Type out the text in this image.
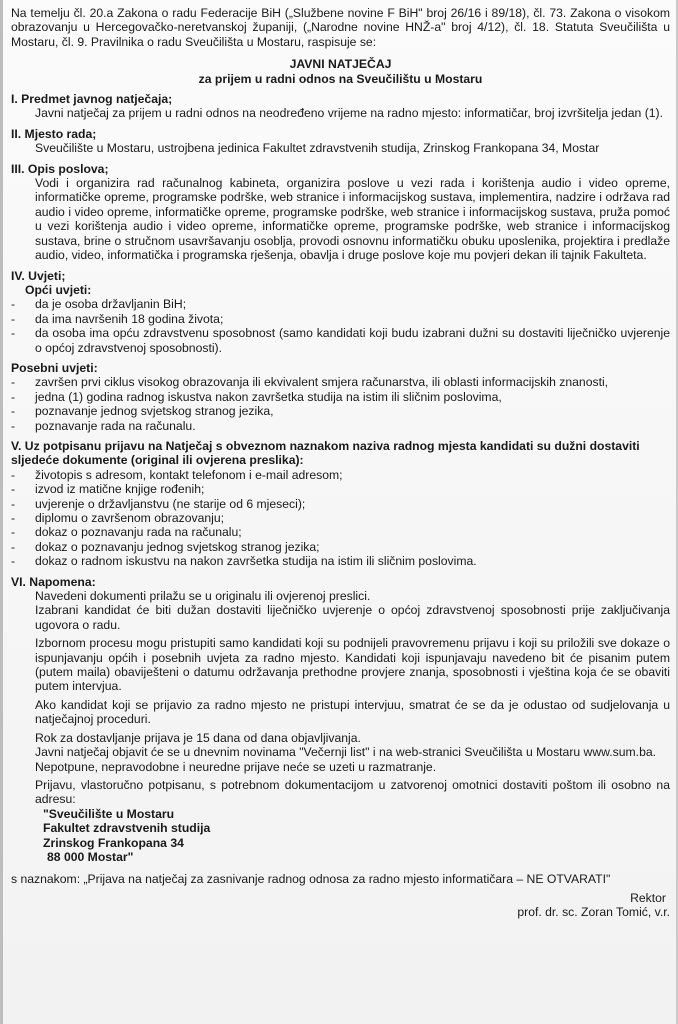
Na temelju čl. 20.a Zakona o radu Federacije BiH („Službene novine F BiH" broj 26/16 i 89/18), čl. 73. Zakona o visokom obrazovanju u Hercegovačko-neretvanskoj županiji, („Narodne novine HNŽ-a" broj 4/12), čl. 18. Statuta Sveučilišta u Mostaru, čl. 9. Pravilnika o radu Sveučilišta u Mostaru, raspisuje se:

JAVNI NATJEČAJ

za prijem u radni odnos na Sveučilištu u Mostaru

I. Predmet javnog natječaja;

Javni natječaj za prijem u radni odnos na neodređeno vrijeme na radno mjesto: informatičar, broj izvršitelja jedan (1).

II. Mjesto rada;

Sveučilište u Mostaru, ustrojbena jedinica Fakultet zdravstvenih studija, Zrinskog Frankopana 34, Mostar

III. Opis poslova;

Vodi i organizira rad računalnog kabineta, organizira poslove u vezi rada i korištenja audio i video opreme, informatičke opreme, programske podrške, web stranice i informacijskog sustava, implementira, nadzire i održava rad audio i video opreme, informatičke opreme, programske podrške, web stranice i informacijskog sustava, pruža pomoć u vezi korištenja audio i video opreme, informatičke opreme, programske podrške, web stranice i informacijskog sustava, brine o stručnom usavršavanju osoblja, provodi osnovnu informatičku obuku uposlenika, projektira i predlaže audio, video, informatička i programska rješenja, obavlja i druge poslove koje mu povjeri dekan ili tajnik Fakulteta.

IV. Uvjeti;

Opći uvjeti:

- da je osoba državljanin BiH;
- da ima navršenih 18 godina života;
- da osoba ima opću zdravstvenu sposobnost (samo kandidati koji budu izabrani dužni su dostaviti liječničko uvjerenje o općoj zdravstvenoj sposobnosti).

Posebni uvjeti:

- završen prvi ciklus visokog obrazovanja ili ekvivalent smjera računarstva, ili oblasti informacijskih znanosti,
- jedna (1) godina radnog iskustva nakon završetka studija na istim ili sličnim poslovima,
- poznavanje jednog svjetskog stranog jezika,
- poznavanje rada na računalu.

V. Uz potpisanu prijavu na Natječaj s obveznom naznakom naziva radnog mjesta kandidati su dužni dostaviti sljedeće dokumente (original ili ovjerena preslika):

- životopis s adresom, kontakt telefonom i e-mail adresom;
- izvod iz matične knjige rođenih;
- uvjerenje o državljanstvu (ne starije od 6 mjeseci);
- diplomu o završenom obrazovanju;
- dokaz o poznavanju rada na računalu;
- dokaz o poznavanju jednog svjetskog stranog jezika;
- dokaz o radnom iskustvu na nakon završetka studija na istim ili sličnim poslovima.

VI. Napomena:

Navedeni dokumenti prilažu se u originalu ili ovjerenoj preslici.

Izabrani kandidat će biti dužan dostaviti liječničko uvjerenje o općoj zdravstvenoj sposobnosti prije zaključivanja ugovora o radu.

Izbornom procesu mogu pristupiti samo kandidati koji su podnijeli pravovremenu prijavu i koji su priložili sve dokaze o ispunjavanju općih i posebnih uvjeta za radno mjesto. Kandidati koji ispunjavaju navedeno bit će pisanim putem (putem maila) obaviješteni o datumu održavanja prethodne provjere znanja, sposobnosti i vještina koja će se obaviti putem intervjua.

Ako kandidat koji se prijavio za radno mjesto ne pristupi intervjuu, smatrat će se da je odustao od sudjelovanja u natječajnoj proceduri.

Rok za dostavljanje prijava je 15 dana od dana objavljivanja.

Javni natječaj objavit će se u dnevnim novinama "Večernji list" i na web-stranici Sveučilišta u Mostaru www.sum.ba.

Nepotpune, nepravodobne i neuredne prijave neće se uzeti u razmatranje.

Prijavu, vlastoručno potpisanu, s potrebnom dokumentacijom u zatvorenoj omotnici dostaviti poštom ili osobno na adresu:

"Sveučilište u Mostaru

Fakultet zdravstvenih studija

Zrinskog Frankopana 34

88 000 Mostar"

s naznakom: „Prijava na natječaj za zasnivanje radnog odnosa za radno mjesto informatičara – NE OTVARATI"

Rektor
prof. dr. sc. Zoran Tomić, v.r.
